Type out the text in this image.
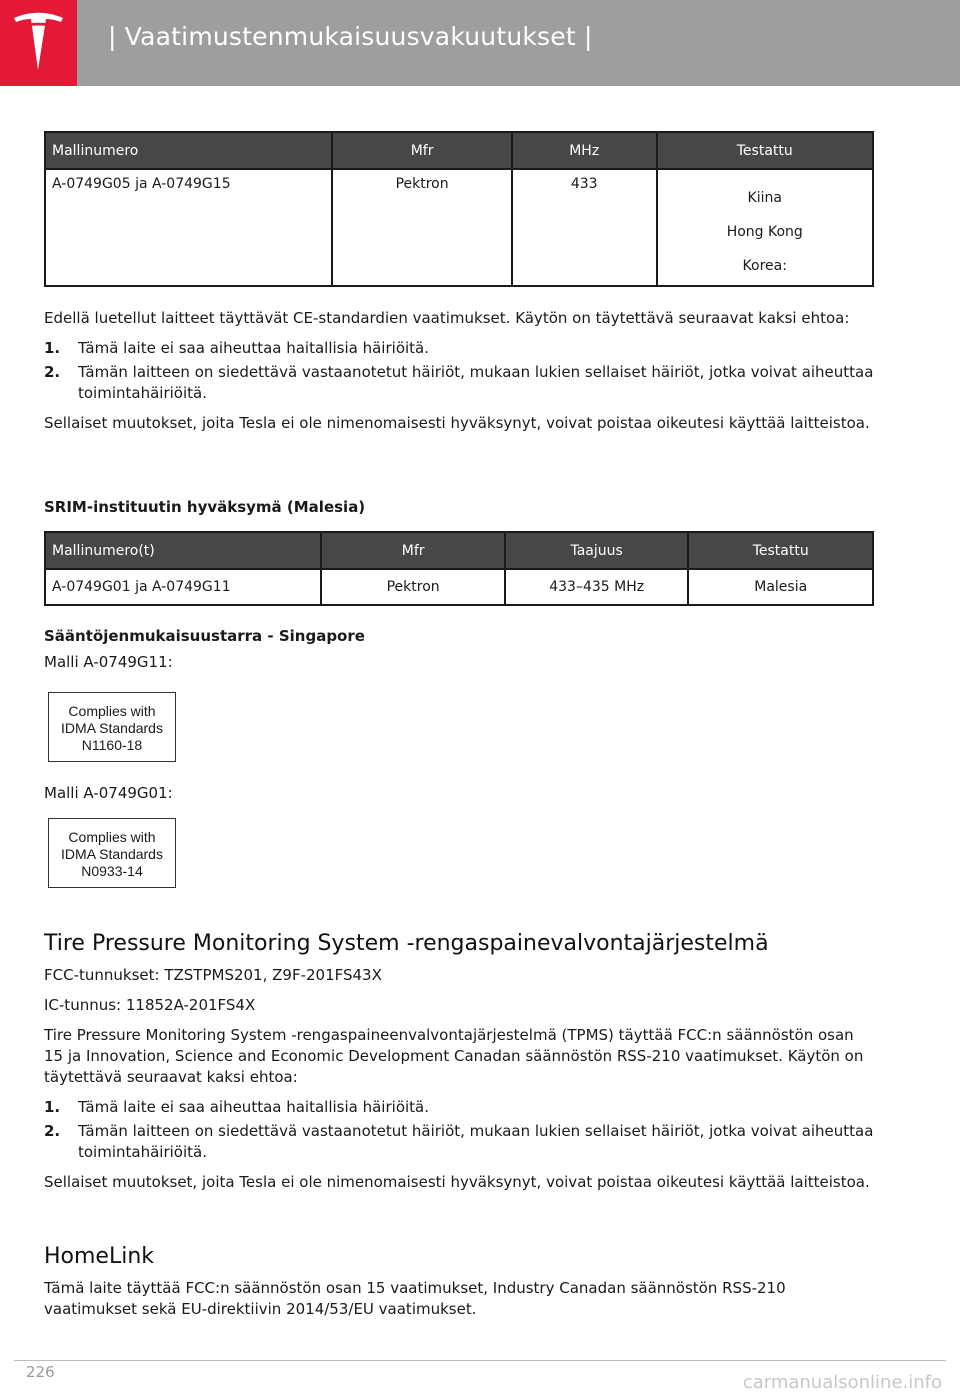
| Vaatimustenmukaisuusvakuutukset |
Mallinumero	Mfr	MHz	Testattu
A-0749G05 ja A-0749G15	Pektron	433	Kiina
Hong Kong
Korea:

Edellä luetellut laitteet täyttävät CE-standardien vaatimukset. Käytön on täytettävä seuraavat kaksi ehtoa:

1. Tämä laite ei saa aiheuttaa haitallisia häiriöitä.
2. Tämän laitteen on siedettävä vastaanotetut häiriöt, mukaan lukien sellaiset häiriöt, jotka voivat aiheuttaa toimintahäiriöitä.

Sellaiset muutokset, joita Tesla ei ole nimenomaisesti hyväksynyt, voivat poistaa oikeutesi käyttää laitteistoa.

SRIM-instituutin hyväksymä (Malesia)

Mallinumero(t)	Mfr	Taajuus	Testattu
A-0749G01 ja A-0749G11	Pektron	433–435 MHz	Malesia

Sääntöjenmukaisuustarra - Singapore

Malli A-0749G11:

Complies with
IDMA Standards
N1160-18

Malli A-0749G01:

Complies with
IDMA Standards
N0933-14
Tire Pressure Monitoring System -rengaspainevalvontajärjestelmä

FCC-tunnukset: TZSTPMS201, Z9F-201FS43X

IC-tunnus: 11852A-201FS4X

Tire Pressure Monitoring System -rengaspaineenvalvontajärjestelmä (TPMS) täyttää FCC:n säännöstön osan 15 ja Innovation, Science and Economic Development Canadan säännöstön RSS-210 vaatimukset. Käytön on täytettävä seuraavat kaksi ehtoa:

1. Tämä laite ei saa aiheuttaa haitallisia häiriöitä.
2. Tämän laitteen on siedettävä vastaanotetut häiriöt, mukaan lukien sellaiset häiriöt, jotka voivat aiheuttaa toimintahäiriöitä.

Sellaiset muutokset, joita Tesla ei ole nimenomaisesti hyväksynyt, voivat poistaa oikeutesi käyttää laitteistoa.

HomeLink

Tämä laite täyttää FCC:n säännöstön osan 15 vaatimukset, Industry Canadan säännöstön RSS-210 vaatimukset sekä EU-direktiivin 2014/53/EU vaatimukset.

226	carmanualsonline.info
